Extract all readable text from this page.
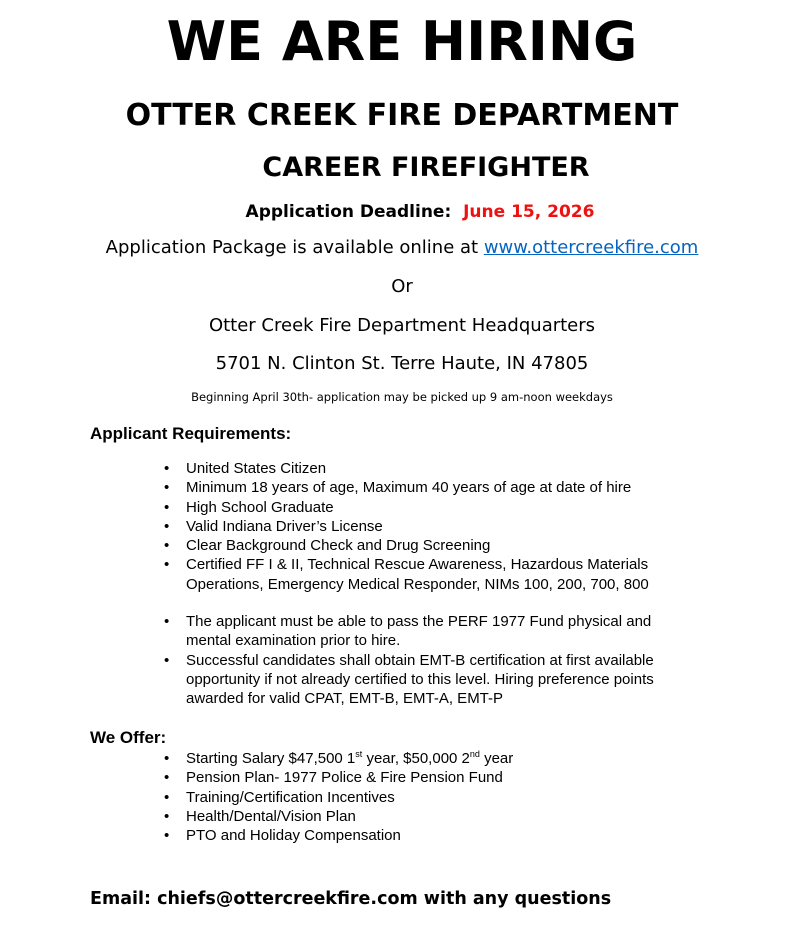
WE ARE HIRING
OTTER CREEK FIRE DEPARTMENT
CAREER FIREFIGHTER
Application Deadline: June 15, 2026
Application Package is available online at www.ottercreekfire.com
Or
Otter Creek Fire Department Headquarters
5701 N. Clinton St. Terre Haute, IN 47805
Beginning April 30th- application may be picked up 9 am-noon weekdays
Applicant Requirements:
• United States Citizen
• Minimum 18 years of age, Maximum 40 years of age at date of hire
• High School Graduate
• Valid Indiana Driver’s License
• Clear Background Check and Drug Screening
• Certified FF I & II, Technical Rescue Awareness, Hazardous Materials Operations, Emergency Medical Responder, NIMs 100, 200, 700, 800
• The applicant must be able to pass the PERF 1977 Fund physical and mental examination prior to hire.
• Successful candidates shall obtain EMT-B certification at first available opportunity if not already certified to this level. Hiring preference points awarded for valid CPAT, EMT-B, EMT-A, EMT-P
We Offer:
• Starting Salary $47,500 1st year, $50,000 2nd year
• Pension Plan- 1977 Police & Fire Pension Fund
• Training/Certification Incentives
• Health/Dental/Vision Plan
• PTO and Holiday Compensation
Email: chiefs@ottercreekfire.com with any questions
